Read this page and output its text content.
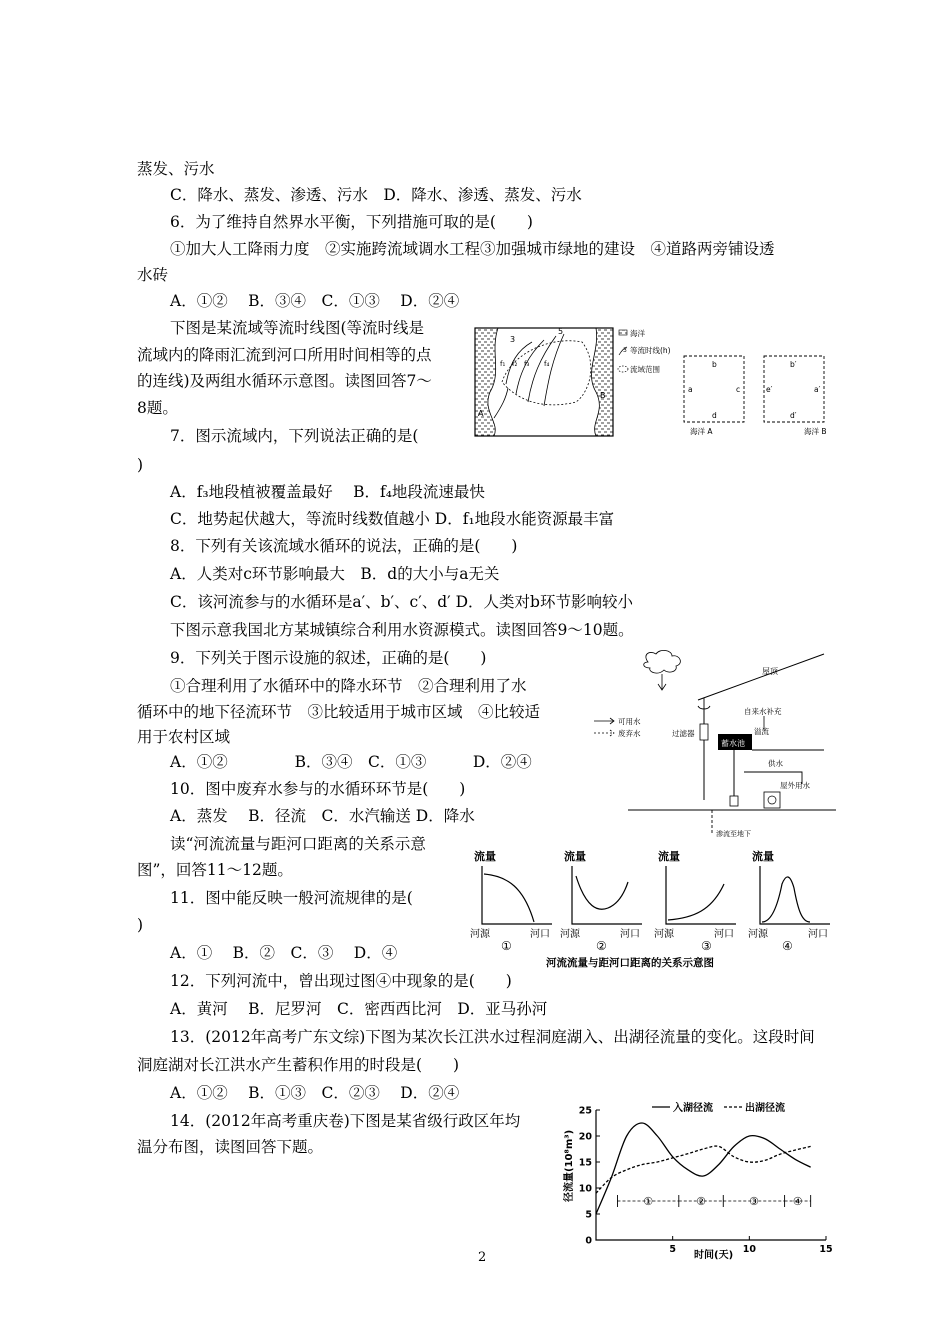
蒸发、污水
C．降水、蒸发、渗透、污水　D．降水、渗透、蒸发、污水
6．为了维持自然界水平衡，下列措施可取的是(　　)
①加大人工降雨力度　②实施跨流域调水工程③加强城市绿地的建设　④道路两旁铺设透
水砖
A．①②　 B．③④　C．①③　 D．②④
下图是某流域等流时线图(等流时线是
流域内的降雨汇流到河口所用时间相等的点
的连线)及两组水循环示意图。读图回答7～
8题。
7．图示流域内，下列说法正确的是(
)
A．f₃地段植被覆盖最好　 B．f₄地段流速最快
C．地势起伏越大，等流时线数值越小 D．f₁地段水能资源最丰富
8．下列有关该流域水循环的说法，正确的是(　　)
A．人类对c环节影响最大　B．d的大小与a无关
C．该河流参与的水循环是a′、b′、c′、d′ D．人类对b环节影响较小
下图示意我国北方某城镇综合利用水资源模式。读图回答9～10题。
9．下列关于图示设施的叙述，正确的是(　　)
①合理利用了水循环中的降水环节　②合理利用了水
循环中的地下径流环节　③比较适用于城市区域　④比较适
用于农村区域
A．①②　　　　 B．③④　C．①③　　　D．②④
10．图中废弃水参与的水循环环节是(　　)
A．蒸发　 B．径流　C．水汽输送 D．降水
读“河流流量与距河口距离的关系示意
图”，回答11～12题。
11．图中能反映一般河流规律的是(
)
A．①　 B．②　C．③　 D．④
12．下列河流中，曾出现过图④中现象的是(　　)
A．黄河　 B．尼罗河　C．密西西比河　D．亚马孙河
13．(2012年高考广东文综)下图为某次长江洪水过程洞庭湖入、出湖径流量的变化。这段时间
洞庭湖对长江洪水产生蓄积作用的时段是(　　)
A．①②　 B．①③　C．②③　 D．②④
14．(2012年高考重庆卷)下图是某省级行政区年均
温分布图，读图回答下题。
3
5
f₁ f₂ f₃ f₄
A
B
海洋
3 等流时线(h)
流域范围
b
a	c
d
海洋 A
b′
e′	a′
d′
海洋 B
屋顶
过滤器
自来水补充
溢流
蓄水池
供水
屋外用水
渗流至地下
可用水
废弃水
流量
河源	河口
①
流量
河源	河口
②
流量
河源	河口
③
流量
河源	河口
④
河流流量与距河口距离的关系示意图
0
5
10
15
20
25
5	10	15
①	②	③	④
入湖径流	出湖径流
时间(天)
径流量(10⁸m³)
2
